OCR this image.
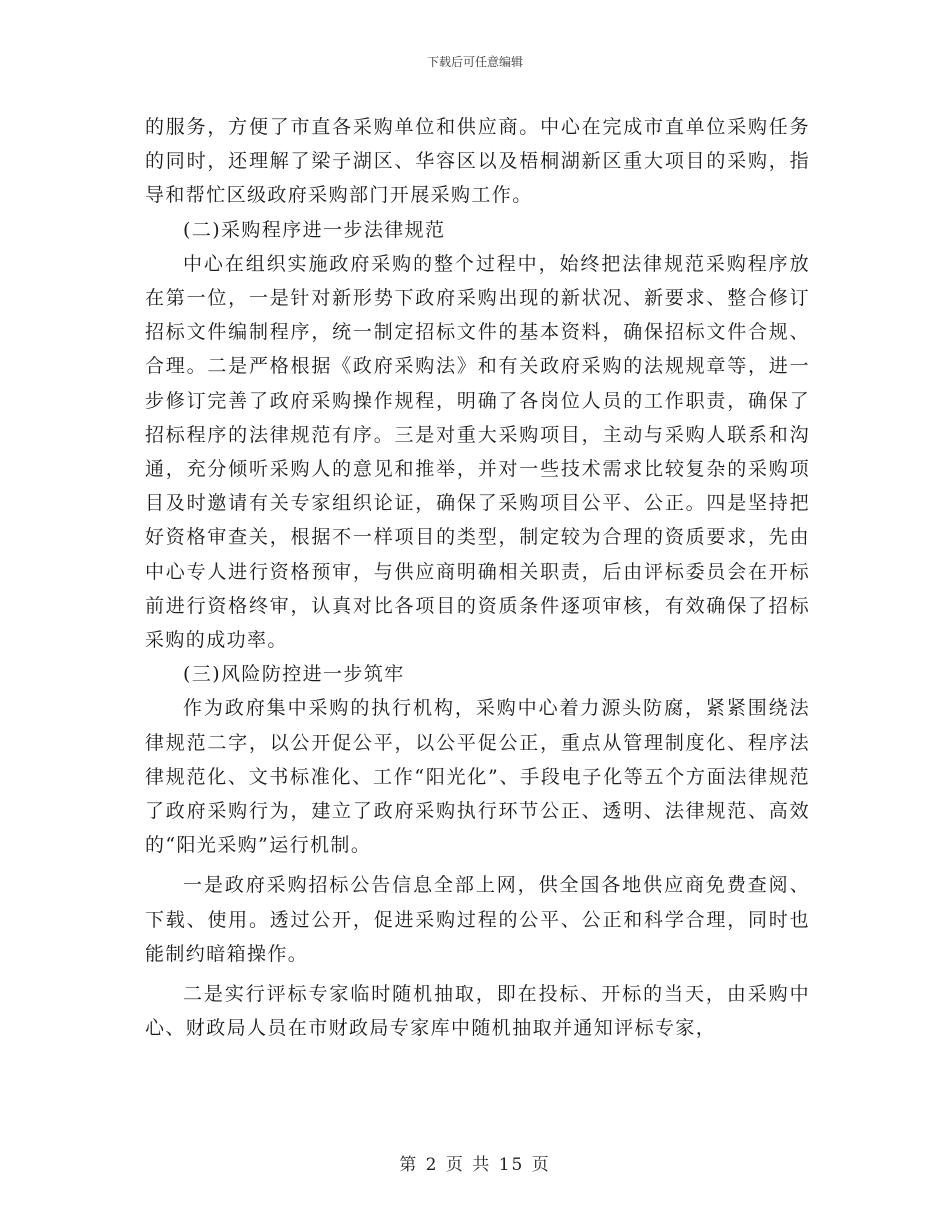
下载后可任意编辑

的服务，方便了市直各采购单位和供应商。中心在完成市直单位采购任务的同时，还理解了梁子湖区、华容区以及梧桐湖新区重大项目的采购，指导和帮忙区级政府采购部门开展采购工作。

(二)采购程序进一步法律规范

中心在组织实施政府采购的整个过程中，始终把法律规范采购程序放在第一位，一是针对新形势下政府采购出现的新状况、新要求、整合修订招标文件编制程序，统一制定招标文件的基本资料，确保招标文件合规、合理。二是严格根据《政府采购法》和有关政府采购的法规规章等，进一步修订完善了政府采购操作规程，明确了各岗位人员的工作职责，确保了招标程序的法律规范有序。三是对重大采购项目，主动与采购人联系和沟通，充分倾听采购人的意见和推举，并对一些技术需求比较复杂的采购项目及时邀请有关专家组织论证，确保了采购项目公平、公正。四是坚持把好资格审查关，根据不一样项目的类型，制定较为合理的资质要求，先由中心专人进行资格预审，与供应商明确相关职责，后由评标委员会在开标前进行资格终审，认真对比各项目的资质条件逐项审核，有效确保了招标采购的成功率。

(三)风险防控进一步筑牢

作为政府集中采购的执行机构，采购中心着力源头防腐，紧紧围绕法律规范二字，以公开促公平，以公平促公正，重点从管理制度化、程序法律规范化、文书标准化、工作“阳光化”、手段电子化等五个方面法律规范了政府采购行为，建立了政府采购执行环节公正、透明、法律规范、高效的“阳光采购”运行机制。

一是政府采购招标公告信息全部上网，供全国各地供应商免费查阅、下载、使用。透过公开，促进采购过程的公平、公正和科学合理，同时也能制约暗箱操作。

二是实行评标专家临时随机抽取，即在投标、开标的当天，由采购中心、财政局人员在市财政局专家库中随机抽取并通知评标专家，

第 2 页 共 15 页
